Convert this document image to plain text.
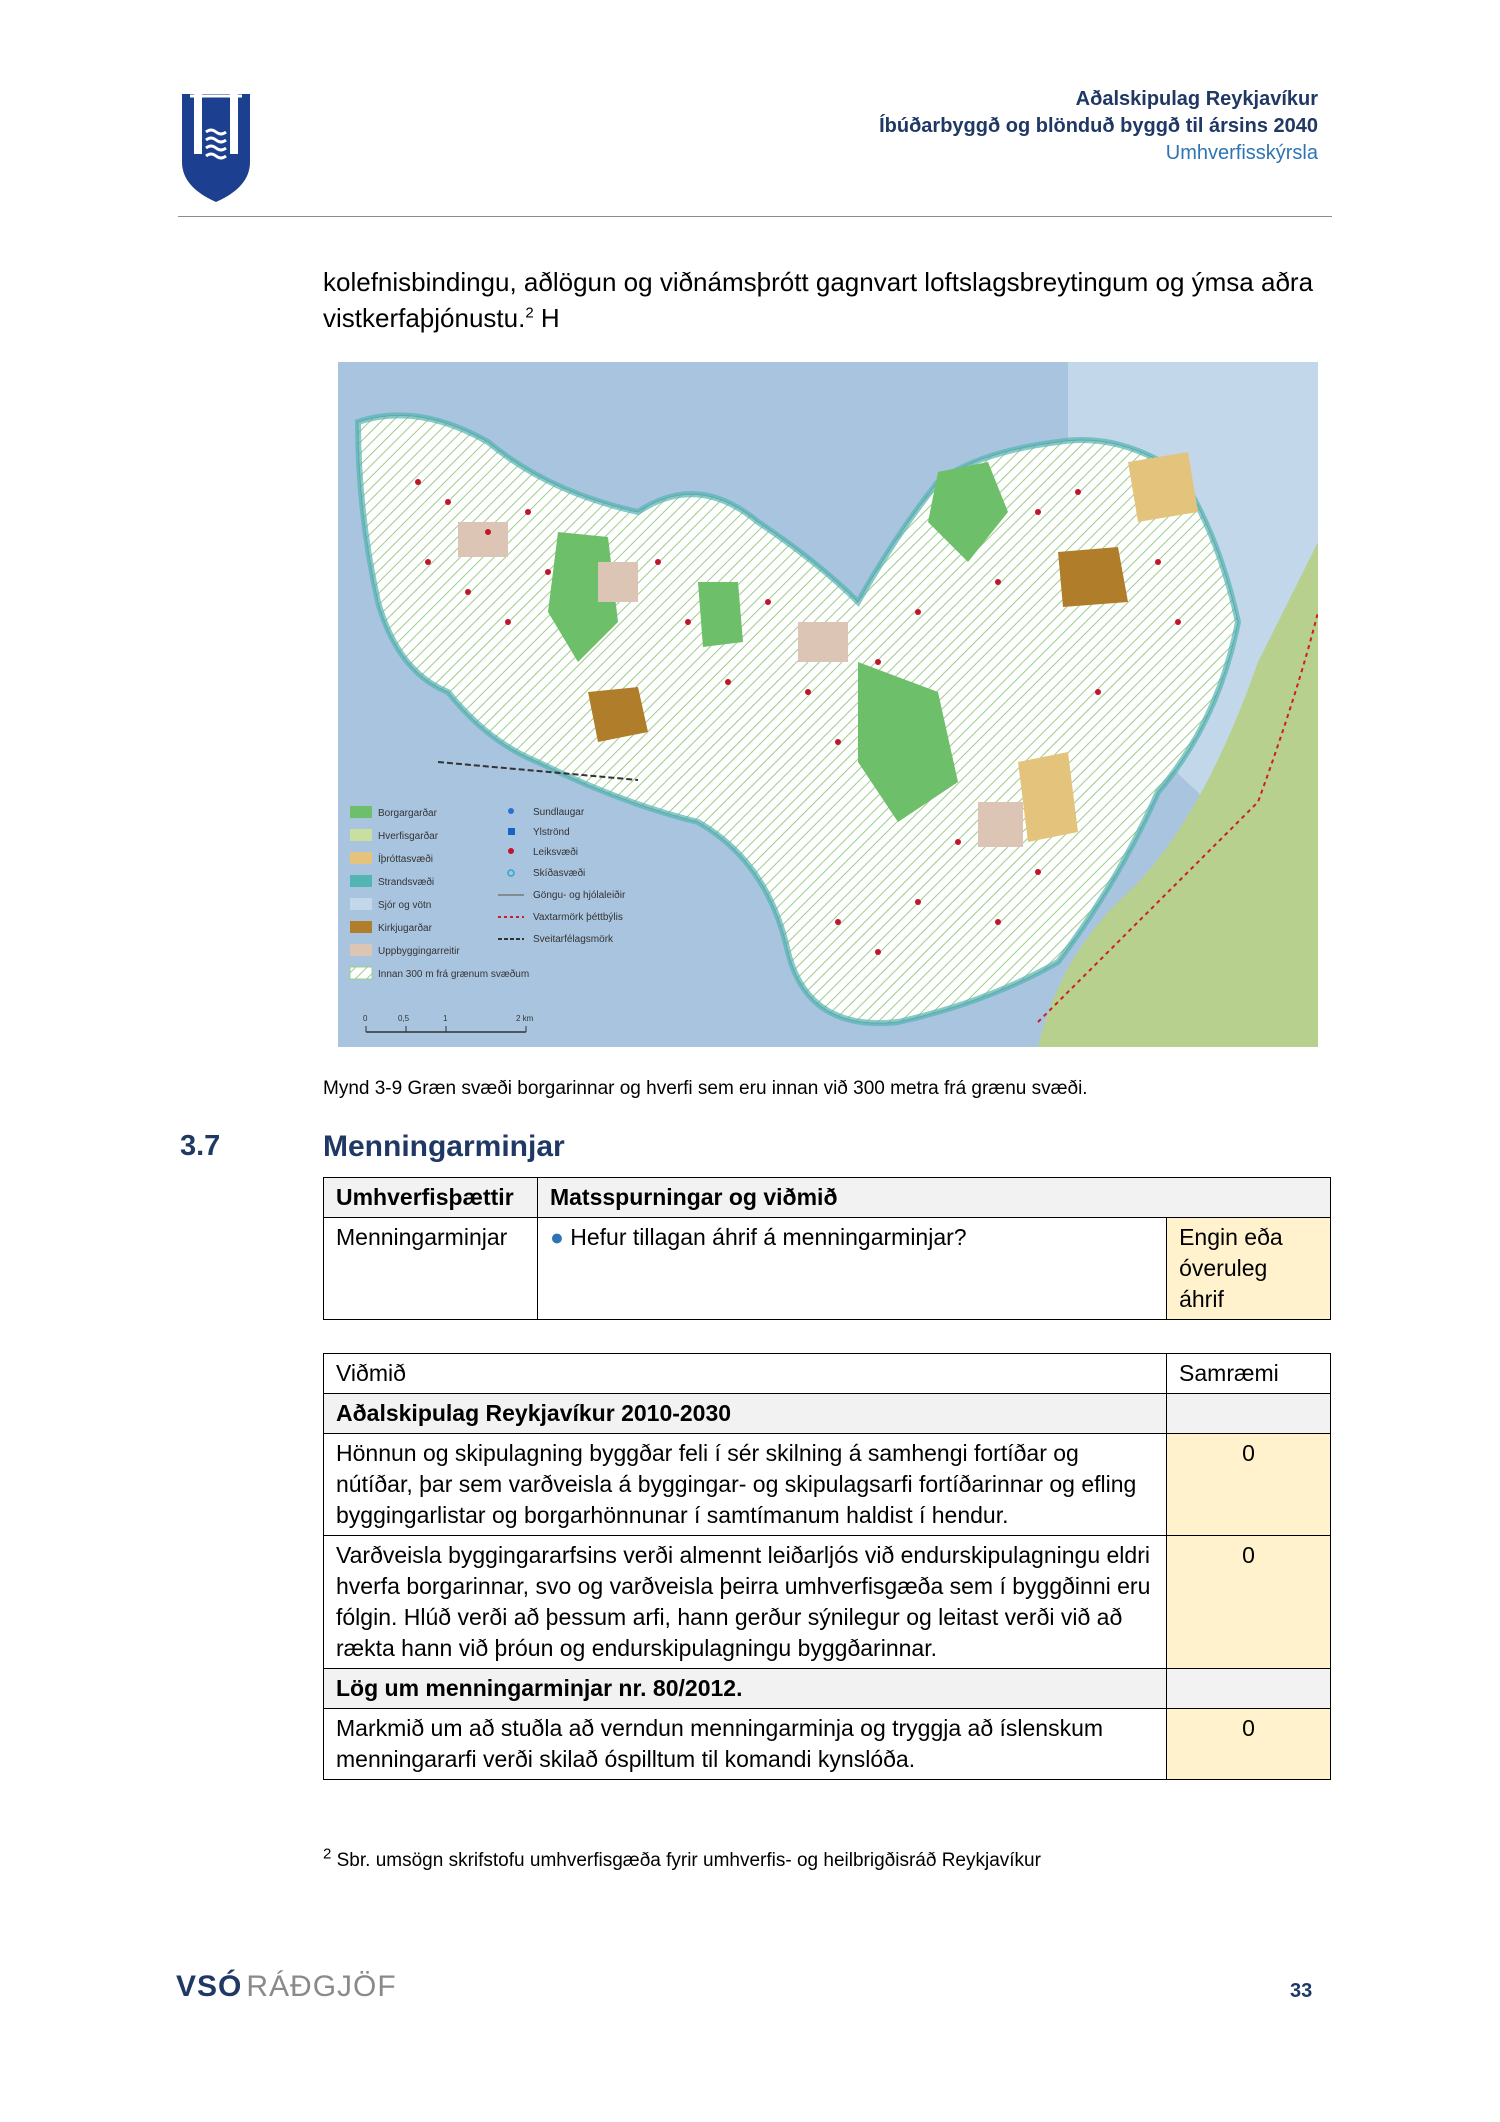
Aðalskipulag Reykjavíkur
Íbúðarbyggð og blönduð byggð til ársins 2040
Umhverfisskýrsla
kolefnisbindingu, aðlögun og viðnámsþrótt gagnvart loftslagsbreytingum og ýmsa aðra vistkerfaþjónustu.$^2$ H
Borgargarðar
Hverfisgarðar
Íþróttasvæði
Strandsvæði
Sjór og vötn
Kirkjugarðar
Uppbyggingarreitir
Innan 300 m frá grænum svæðum
Sundlaugar
Ylströnd
Leiksvæði
Skíðasvæði
Göngu- og hjólaleiðir
Vaxtarmörk þéttbýlis
Sveitarfélagsmörk
0	0,5	1	2 km
Mynd 3-9 Græn svæði borgarinnar og hverfi sem eru innan við 300 metra frá grænu svæði.
3.7	Menningarminjar
Umhverfisþættir	Matsspurningar og viðmið	
Menningarminjar	● Hefur tillagan áhrif á menningarminjar?	Engin eða óveruleg áhrif
Viðmið	Samræmi
Aðalskipulag Reykjavíkur 2010-2030	
Hönnun og skipulagning byggðar feli í sér skilning á samhengi fortíðar og nútíðar, þar sem varðveisla á byggingar- og skipulagsarfi fortíðarinnar og efling byggingarlistar og borgarhönnunar í samtímanum haldist í hendur.	0
Varðveisla byggingararfsins verði almennt leiðarljós við endurskipulagningu eldri hverfa borgarinnar, svo og varðveisla þeirra umhverfisgæða sem í byggðinni eru fólgin. Hlúð verði að þessum arfi, hann gerður sýnilegur og leitast verði við að rækta hann við þróun og endurskipulagningu byggðarinnar.	0
Lög um menningarminjar nr. 80/2012.	
Markmið um að stuðla að verndun menningarminja og tryggja að íslenskum menningararfi verði skilað óspilltum til komandi kynslóða.	0
$^2$ Sbr. umsögn skrifstofu umhverfisgæða fyrir umhverfis- og heilbrigðisráð Reykjavíkur
VSÓ RÁÐGJÖF	33
